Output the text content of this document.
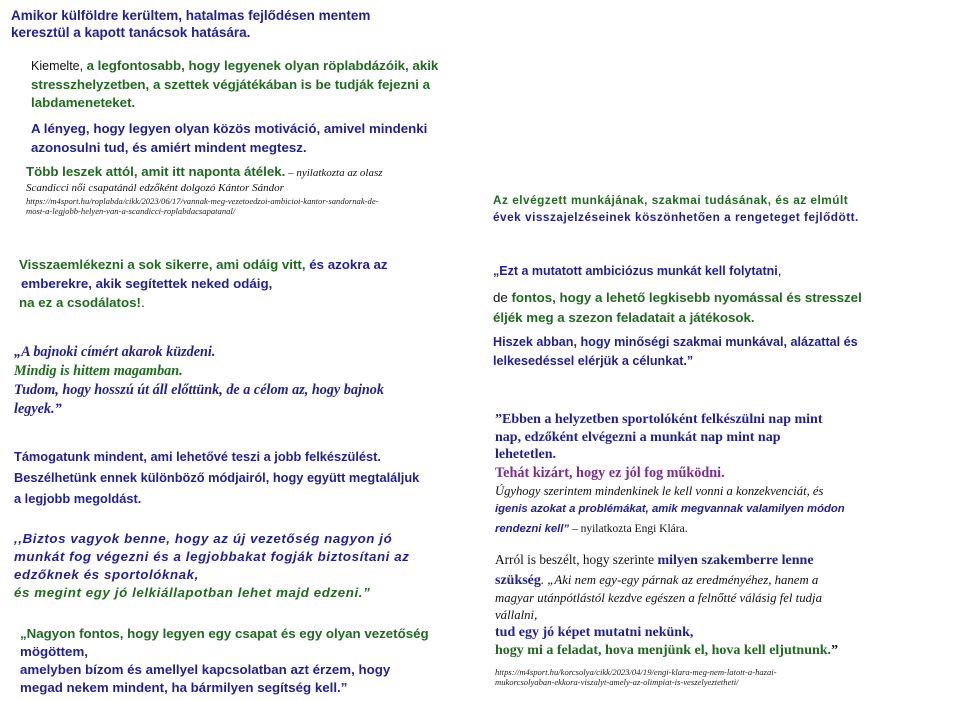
Amikor külföldre kerültem, hatalmas fejlődésen mentem

keresztül a kapott tanácsok hatására.

Kiemelte, a legfontosabb, hogy legyenek olyan röplabdázóik, akik

stresszhelyzetben, a szettek végjátékában is be tudják fejezni a

labdameneteket.

A lényeg, hogy legyen olyan közös motiváció, amivel mindenki

azonosulni tud, és amiért mindent megtesz.

Több leszek attól, amit itt naponta átélek. – nyilatkozta az olasz

Scandicci női csapatánál edzőként dolgozó Kántor Sándor

https://m4sport.hu/roplabda/cikk/2023/06/17/vannak-meg-vezetoedzoi-ambicioi-kantor-sandornak-de-

most-a-legjobb-helyen-van-a-scandicci-roplabdacsapatanal/

Visszaemlékezni a sok sikerre, ami odáig vitt, és azokra az

emberekre, akik segítettek neked odáig,

na ez a csodálatos!.

„A bajnoki címért akarok küzdeni.

Mindig is hittem magamban.

Tudom, hogy hosszú út áll előttünk, de a célom az, hogy bajnok

legyek.”

Támogatunk mindent, ami lehetővé teszi a jobb felkészülést.

Beszélhetünk ennek különböző módjairól, hogy együtt megtaláljuk

a legjobb megoldást.

,,Biztos vagyok benne, hogy az új vezetőség nagyon jó

munkát fog végezni és a legjobbakat fogják biztosítani az

edzőknek és sportolóknak,

és megint egy jó lelkiállapotban lehet majd edzeni.”

„Nagyon fontos, hogy legyen egy csapat és egy olyan vezetőség

mögöttem,

amelyben bízom és amellyel kapcsolatban azt érzem, hogy

megad nekem mindent, ha bármilyen segítség kell.”

Az elvégzett munkájának, szakmai tudásának, és az elmúlt

évek visszajelzéseinek köszönhetően a rengeteget fejlődött.

„Ezt a mutatott ambiciózus munkát kell folytatni,

de fontos, hogy a lehető legkisebb nyomással és stresszel

éljék meg a szezon feladatait a játékosok.

Hiszek abban, hogy minőségi szakmai munkával, alázattal és

lelkesedéssel elérjük a célunkat.”

”Ebben a helyzetben sportolóként felkészülni nap mint

nap, edzőként elvégezni a munkát nap mint nap

lehetetlen.

Tehát kizárt, hogy ez jól fog működni.

Úgyhogy szerintem mindenkinek le kell vonni a konzekvenciát, és

igenis azokat a problémákat, amik megvannak valamilyen módon

rendezni kell” – nyilatkozta Engi Klára.

Arról is beszélt, hogy szerinte milyen szakemberre lenne

szükség. „Aki nem egy-egy párnak az eredményéhez, hanem a

magyar utánpótlástól kezdve egészen a felnőtté válásig fel tudja

vállalni,

tud egy jó képet mutatni nekünk,

hogy mi a feladat, hova menjünk el, hova kell eljutnunk.”

https://m4sport.hu/korcsolya/cikk/2023/04/19/engi-klara-meg-nem-latott-a-hazai-

mukorcsolyaban-ekkora-viszalyt-amely-az-olimpiat-is-veszelyeztetheti/
